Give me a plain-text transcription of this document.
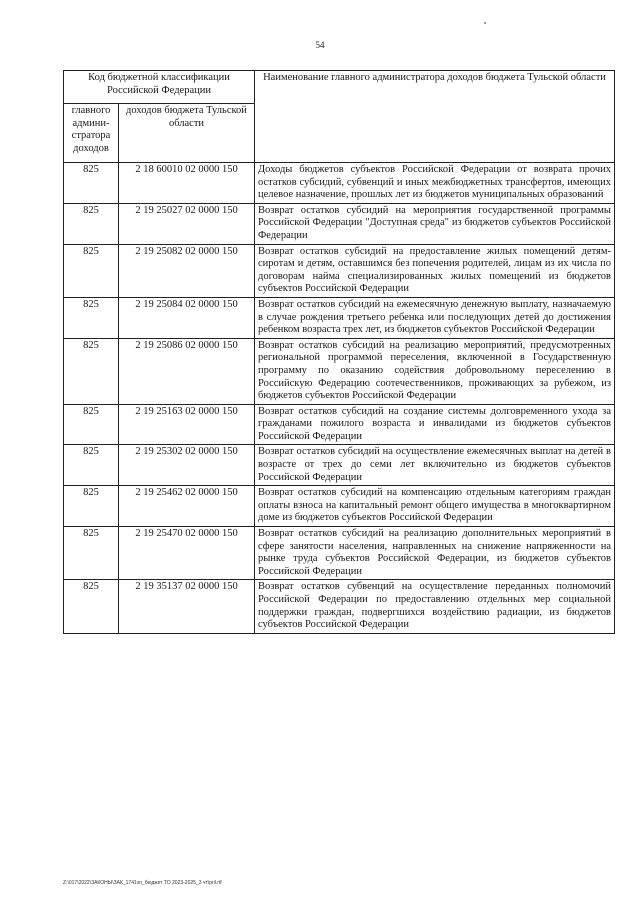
54
Код бюджетной классификации Российской Федерации		Наименование главного администратора доходов бюджета Тульской области
главного админи-стратора доходов	доходов бюджета Тульской области	
825	2 18 60010 02 0000 150	Доходы бюджетов субъектов Российской Федерации от возврата прочих остатков субсидий, субвенций и иных межбюджетных трансфертов, имеющих целевое назначение, прошлых лет из бюджетов муниципальных образований
825	2 19 25027 02 0000 150	Возврат остатков субсидий на мероприятия государственной программы Российской Федерации "Доступная среда" из бюджетов субъектов Российской Федерации
825	2 19 25082 02 0000 150	Возврат остатков субсидий на предоставление жилых помещений детям-сиротам и детям, оставшимся без попечения родителей, лицам из их числа по договорам найма специализированных жилых помещений из бюджетов субъектов Российской Федерации
825	2 19 25084 02 0000 150	Возврат остатков субсидий на ежемесячную денежную выплату, назначаемую в случае рождения третьего ребенка или последующих детей до достижения ребенком возраста трех лет, из бюджетов субъектов Российской Федерации
825	2 19 25086 02 0000 150	Возврат остатков субсидий на реализацию мероприятий, предусмотренных региональной программой переселения, включенной в Государственную программу по оказанию содействия добровольному переселению в Российскую Федерацию соотечественников, проживающих за рубежом, из бюджетов субъектов Российской Федерации
825	2 19 25163 02 0000 150	Возврат остатков субсидий на создание системы долговременного ухода за гражданами пожилого возраста и инвалидами из бюджетов субъектов Российской Федерации
825	2 19 25302 02 0000 150	Возврат остатков субсидий на осуществление ежемесячных выплат на детей в возрасте от трех до семи лет включительно из бюджетов субъектов Российской Федерации
825	2 19 25462 02 0000 150	Возврат остатков субсидий на компенсацию отдельным категориям граждан оплаты взноса на капитальный ремонт общего имущества в многоквартирном доме из бюджетов субъектов Российской Федерации
825	2 19 25470 02 0000 150	Возврат остатков субсидий на реализацию дополнительных мероприятий в сфере занятости населения, направленных на снижение напряженности на рынке труда субъектов Российской Федерации, из бюджетов субъектов Российской Федерации
825	2 19 35137 02 0000 150	Возврат остатков субвенций на осуществление переданных полномочий Российской Федерации по предоставлению отдельных мер социальной поддержки граждан, подвергшихся воздействию радиации, из бюджетов субъектов Российской Федерации
Z:\017\2022\ЗАКОНЫ\ЗАК_1741vn_бюджет ТО 2023-2025_3 чт\pril.rtf
